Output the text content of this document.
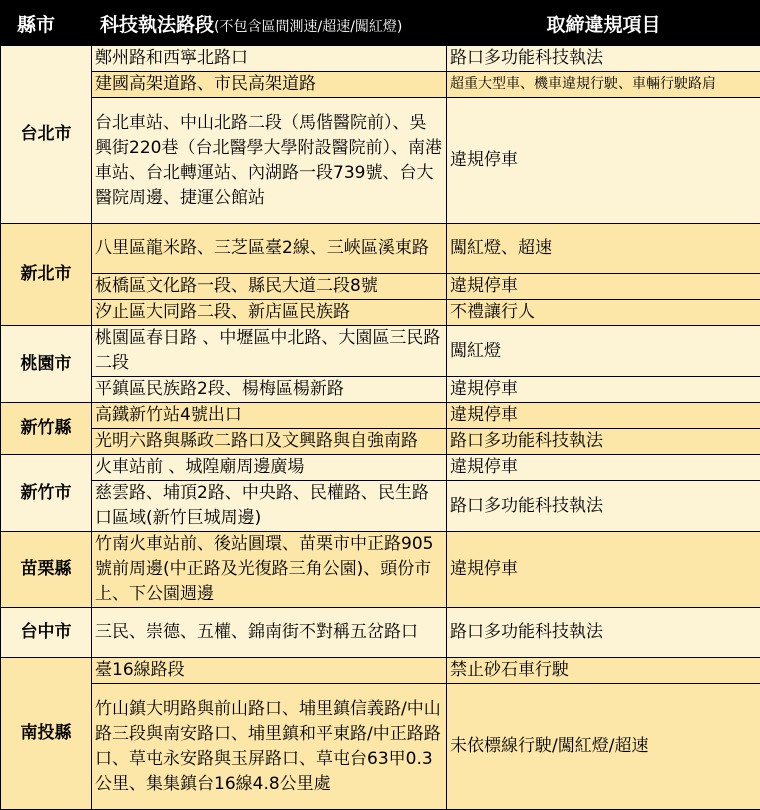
縣市	科技執法路段(不包含區間測速/超速/闖紅燈)	取締違規項目
台北市	鄭州路和西寧北路口	路口多功能科技執法
	建國高架道路、市民高架道路	超重大型車、機車違規行駛、車輛行駛路肩
	台北車站、中山北路二段（馬偕醫院前）、吳興街220巷（台北醫學大學附設醫院前）、南港車站、台北轉運站、內湖路一段739號、台大醫院周邊、捷運公館站	違規停車
新北市	八里區龍米路、三芝區臺2線、三峽區溪東路	闖紅燈、超速
	板橋區文化路一段、縣民大道二段8號	違規停車
	汐止區大同路二段、新店區民族路	不禮讓行人
桃園市	桃園區春日路 、中壢區中北路、大園區三民路二段	闖紅燈
	平鎮區民族路2段、楊梅區楊新路	違規停車
新竹縣	高鐵新竹站4號出口	違規停車
	光明六路與縣政二路口及文興路與自強南路	路口多功能科技執法
新竹市	火車站前 、城隍廟周邊廣場	違規停車
	慈雲路、埔頂2路、中央路、民權路、民生路口區域(新竹巨城周邊)	路口多功能科技執法
苗栗縣	竹南火車站前、後站圓環、苗栗市中正路905號前周邊(中正路及光復路三角公園)、頭份市上、下公園週邊	違規停車
台中市	三民、崇德、五權、錦南街不對稱五岔路口	路口多功能科技執法
南投縣	臺16線路段	禁止砂石車行駛
	竹山鎮大明路與前山路口、埔里鎮信義路/中山路三段與南安路口、埔里鎮和平東路/中正路路口、草屯永安路與玉屏路口、草屯台63甲0.3公里、集集鎮台16線4.8公里處	未依標線行駛/闖紅燈/超速
